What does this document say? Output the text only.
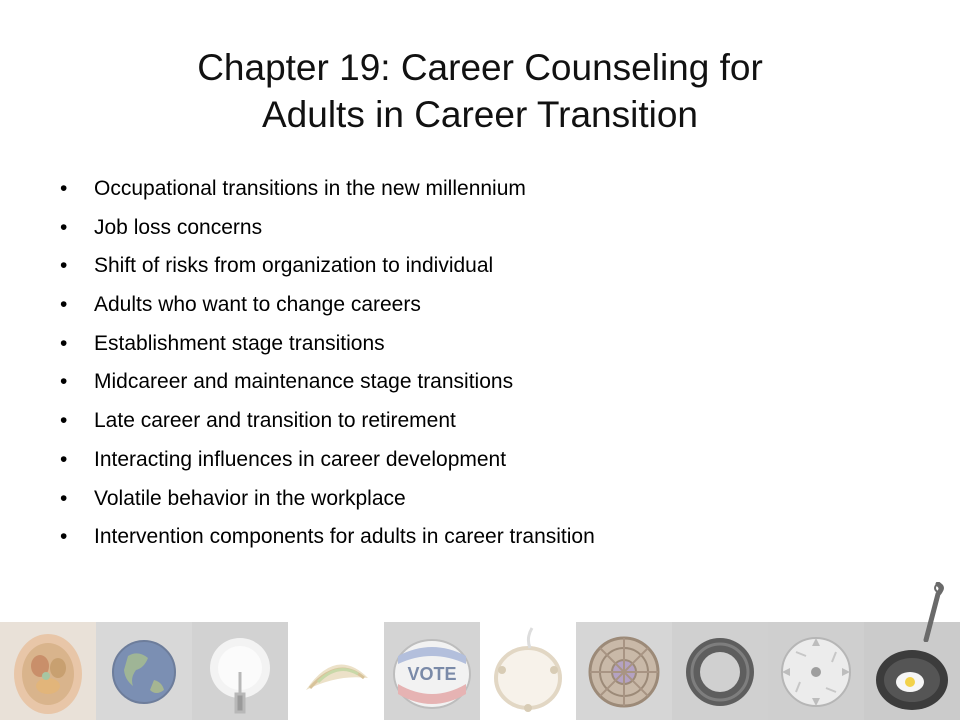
Chapter 19: Career Counseling for
Adults in Career Transition
• Occupational transitions in the new millennium
• Job loss concerns
• Shift of risks from organization to individual
• Adults who want to change careers
• Establishment stage transitions
• Midcareer and maintenance stage transitions
• Late career and transition to retirement
• Interacting influences in career development
• Volatile behavior in the workplace
• Intervention components for adults in career transition
VOTE
